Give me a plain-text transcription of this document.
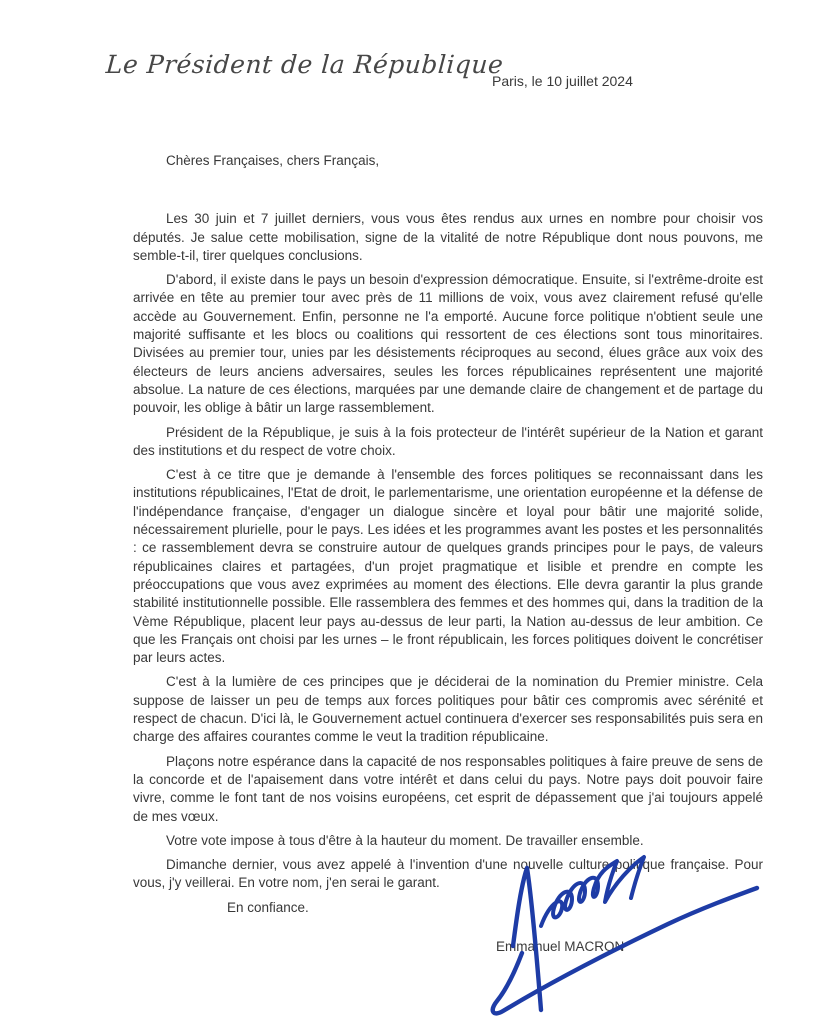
Le Président de la République
Paris, le 10 juillet 2024

Chères Françaises, chers Français,

Les 30 juin et 7 juillet derniers, vous vous êtes rendus aux urnes en nombre pour choisir vos députés. Je salue cette mobilisation, signe de la vitalité de notre République dont nous pouvons, me semble-t-il, tirer quelques conclusions.

D'abord, il existe dans le pays un besoin d'expression démocratique. Ensuite, si l'extrême-droite est arrivée en tête au premier tour avec près de 11 millions de voix, vous avez clairement refusé qu'elle accède au Gouvernement. Enfin, personne ne l'a emporté. Aucune force politique n'obtient seule une majorité suffisante et les blocs ou coalitions qui ressortent de ces élections sont tous minoritaires. Divisées au premier tour, unies par les désistements réciproques au second, élues grâce aux voix des électeurs de leurs anciens adversaires, seules les forces républicaines représentent une majorité absolue. La nature de ces élections, marquées par une demande claire de changement et de partage du pouvoir, les oblige à bâtir un large rassemblement.

Président de la République, je suis à la fois protecteur de l'intérêt supérieur de la Nation et garant des institutions et du respect de votre choix.

C'est à ce titre que je demande à l'ensemble des forces politiques se reconnaissant dans les institutions républicaines, l'Etat de droit, le parlementarisme, une orientation européenne et la défense de l'indépendance française, d'engager un dialogue sincère et loyal pour bâtir une majorité solide, nécessairement plurielle, pour le pays. Les idées et les programmes avant les postes et les personnalités : ce rassemblement devra se construire autour de quelques grands principes pour le pays, de valeurs républicaines claires et partagées, d'un projet pragmatique et lisible et prendre en compte les préoccupations que vous avez exprimées au moment des élections. Elle devra garantir la plus grande stabilité institutionnelle possible. Elle rassemblera des femmes et des hommes qui, dans la tradition de la Vème République, placent leur pays au-dessus de leur parti, la Nation au-dessus de leur ambition. Ce que les Français ont choisi par les urnes – le front républicain, les forces politiques doivent le concrétiser par leurs actes.

C'est à la lumière de ces principes que je déciderai de la nomination du Premier ministre. Cela suppose de laisser un peu de temps aux forces politiques pour bâtir ces compromis avec sérénité et respect de chacun. D'ici là, le Gouvernement actuel continuera d'exercer ses responsabilités puis sera en charge des affaires courantes comme le veut la tradition républicaine.

Plaçons notre espérance dans la capacité de nos responsables politiques à faire preuve de sens de la concorde et de l'apaisement dans votre intérêt et dans celui du pays. Notre pays doit pouvoir faire vivre, comme le font tant de nos voisins européens, cet esprit de dépassement que j'ai toujours appelé de mes vœux.

Votre vote impose à tous d'être à la hauteur du moment. De travailler ensemble.

Dimanche dernier, vous avez appelé à l'invention d'une nouvelle culture politique française. Pour vous, j'y veillerai. En votre nom, j'en serai le garant.

En confiance.

Emmanuel MACRON
